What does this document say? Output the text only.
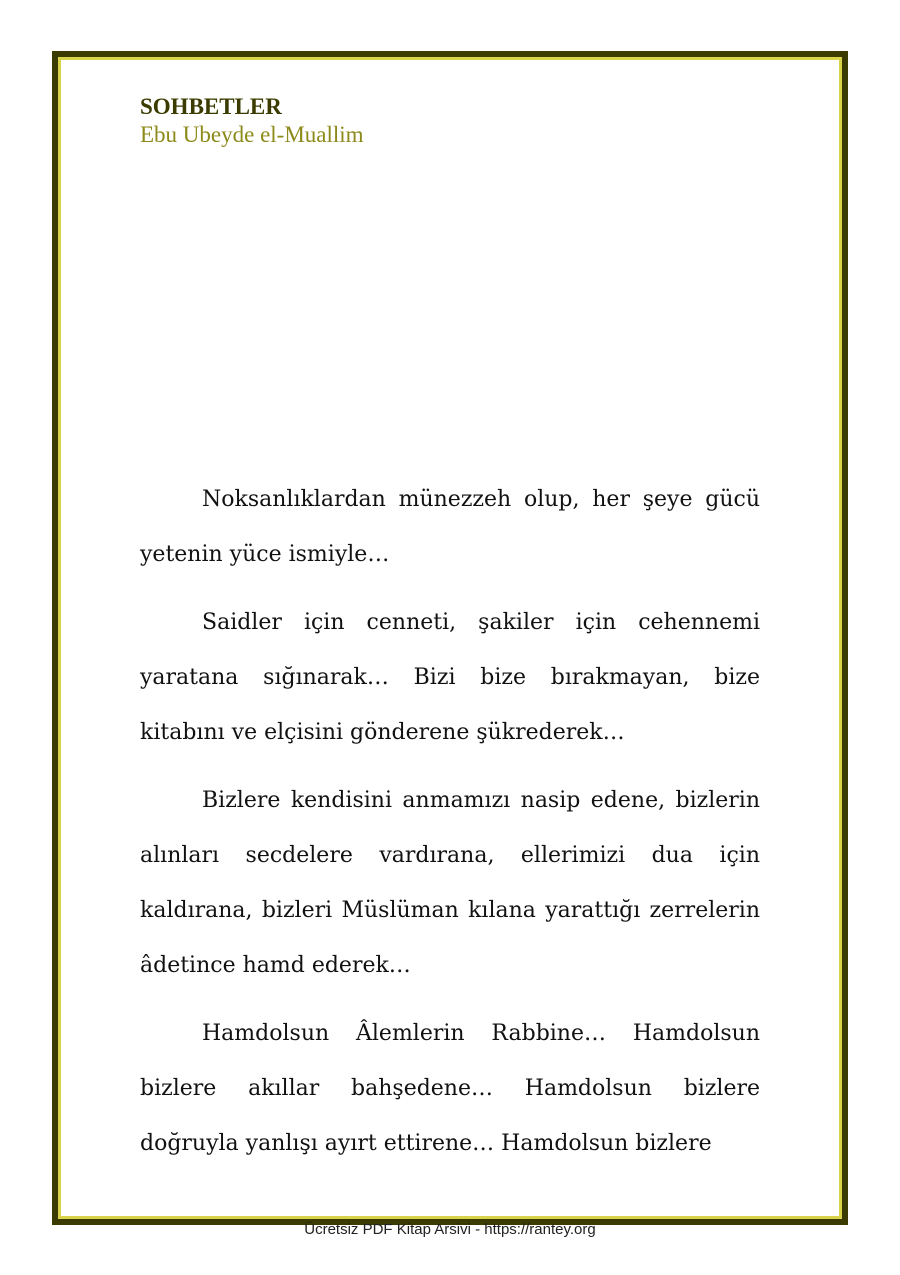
SOHBETLER
Ebu Ubeyde el-Muallim

Noksanlıklardan münezzeh olup, her şeye gücü yetenin yüce ismiyle…

Saidler için cenneti, şakiler için cehennemi yaratana sığınarak… Bizi bize bırakmayan, bize kitabını ve elçisini gönderene şükrederek…

Bizlere kendisini anmamızı nasip edene, bizlerin alınları secdelere vardırana, ellerimizi dua için kaldırana, bizleri Müslüman kılana yarattığı zerrelerin âdetince hamd ederek…

Hamdolsun Âlemlerin Rabbine… Hamdolsun bizlere akıllar bahşedene… Hamdolsun bizlere doğruyla yanlışı ayırt ettirene… Hamdolsun bizlere

Ücretsiz PDF Kitap Arsivi - https://rantey.org
